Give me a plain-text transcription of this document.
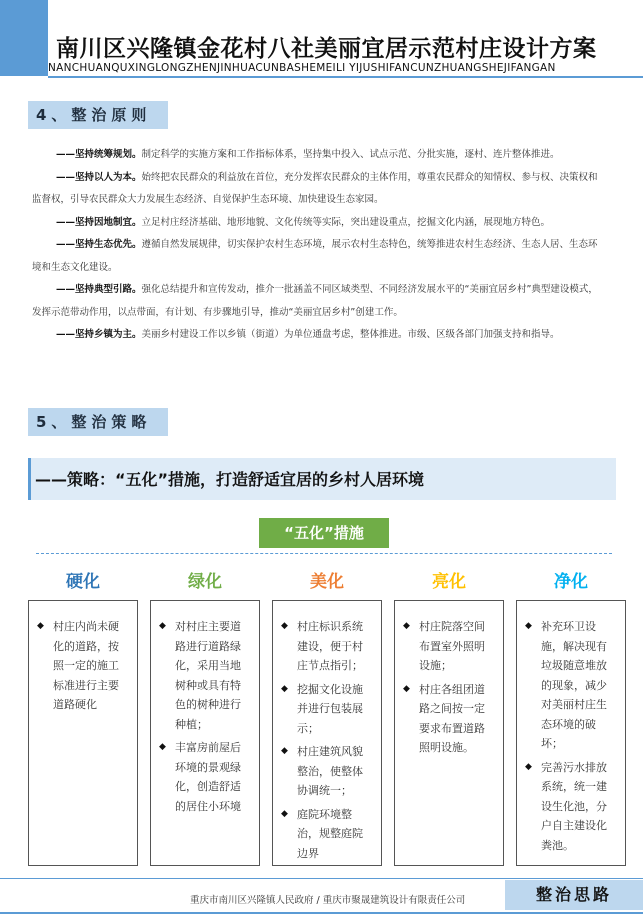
南川区兴隆镇金花村八社美丽宜居示范村庄设计方案
NANCHUANQUXINGLONGZHENJINHUACUNBASHEMEILI YIJUSHIFANCUNZHUANGSHEJIFANGAN
4、整治原则

——坚持统筹规划。制定科学的实施方案和工作指标体系，坚持集中投入、试点示范、分批实施，逐村、连片整体推进。

——坚持以人为本。始终把农民群众的利益放在首位，充分发挥农民群众的主体作用，尊重农民群众的知情权、参与权、决策权和监督权，引导农民群众大力发展生态经济、自觉保护生态环境、加快建设生态家园。

——坚持因地制宜。立足村庄经济基础、地形地貌、文化传统等实际，突出建设重点，挖掘文化内涵，展现地方特色。

——坚持生态优先。遵循自然发展规律，切实保护农村生态环境，展示农村生态特色，统筹推进农村生态经济、生态人居、生态环境和生态文化建设。

——坚持典型引路。强化总结提升和宣传发动，推介一批涵盖不同区域类型、不同经济发展水平的“美丽宜居乡村”典型建设模式，发挥示范带动作用，以点带面，有计划、有步骤地引导，推动“美丽宜居乡村”创建工作。

——坚持乡镇为主。美丽乡村建设工作以乡镇（街道）为单位通盘考虑，整体推进。市级、区级各部门加强支持和指导。

5、整治策略
——策略：“五化”措施，打造舒适宜居的乡村人居环境
“五化”措施
硬化
◆ 村庄内尚未硬化的道路，按照一定的施工标准进行主要道路硬化
绿化
◆ 对村庄主要道路进行道路绿化，采用当地树种或具有特色的树种进行种植；
◆ 丰富房前屋后环境的景观绿化，创造舒适的居住小环境
美化
◆ 村庄标识系统建设，便于村庄节点指引；
◆ 挖掘文化设施并进行包装展示；
◆ 村庄建筑风貌整治，使整体协调统一；
◆ 庭院环境整治，规整庭院边界
亮化
◆ 村庄院落空间布置室外照明设施；
◆ 村庄各组团道路之间按一定要求布置道路照明设施。
净化
◆ 补充环卫设施，解决现有垃圾随意堆放的现象，减少对美丽村庄生态环境的破坏；
◆ 完善污水排放系统，统一建设生化池，分户自主建设化粪池。
重庆市南川区兴隆镇人民政府 / 重庆市聚晟建筑设计有限责任公司	整治思路
